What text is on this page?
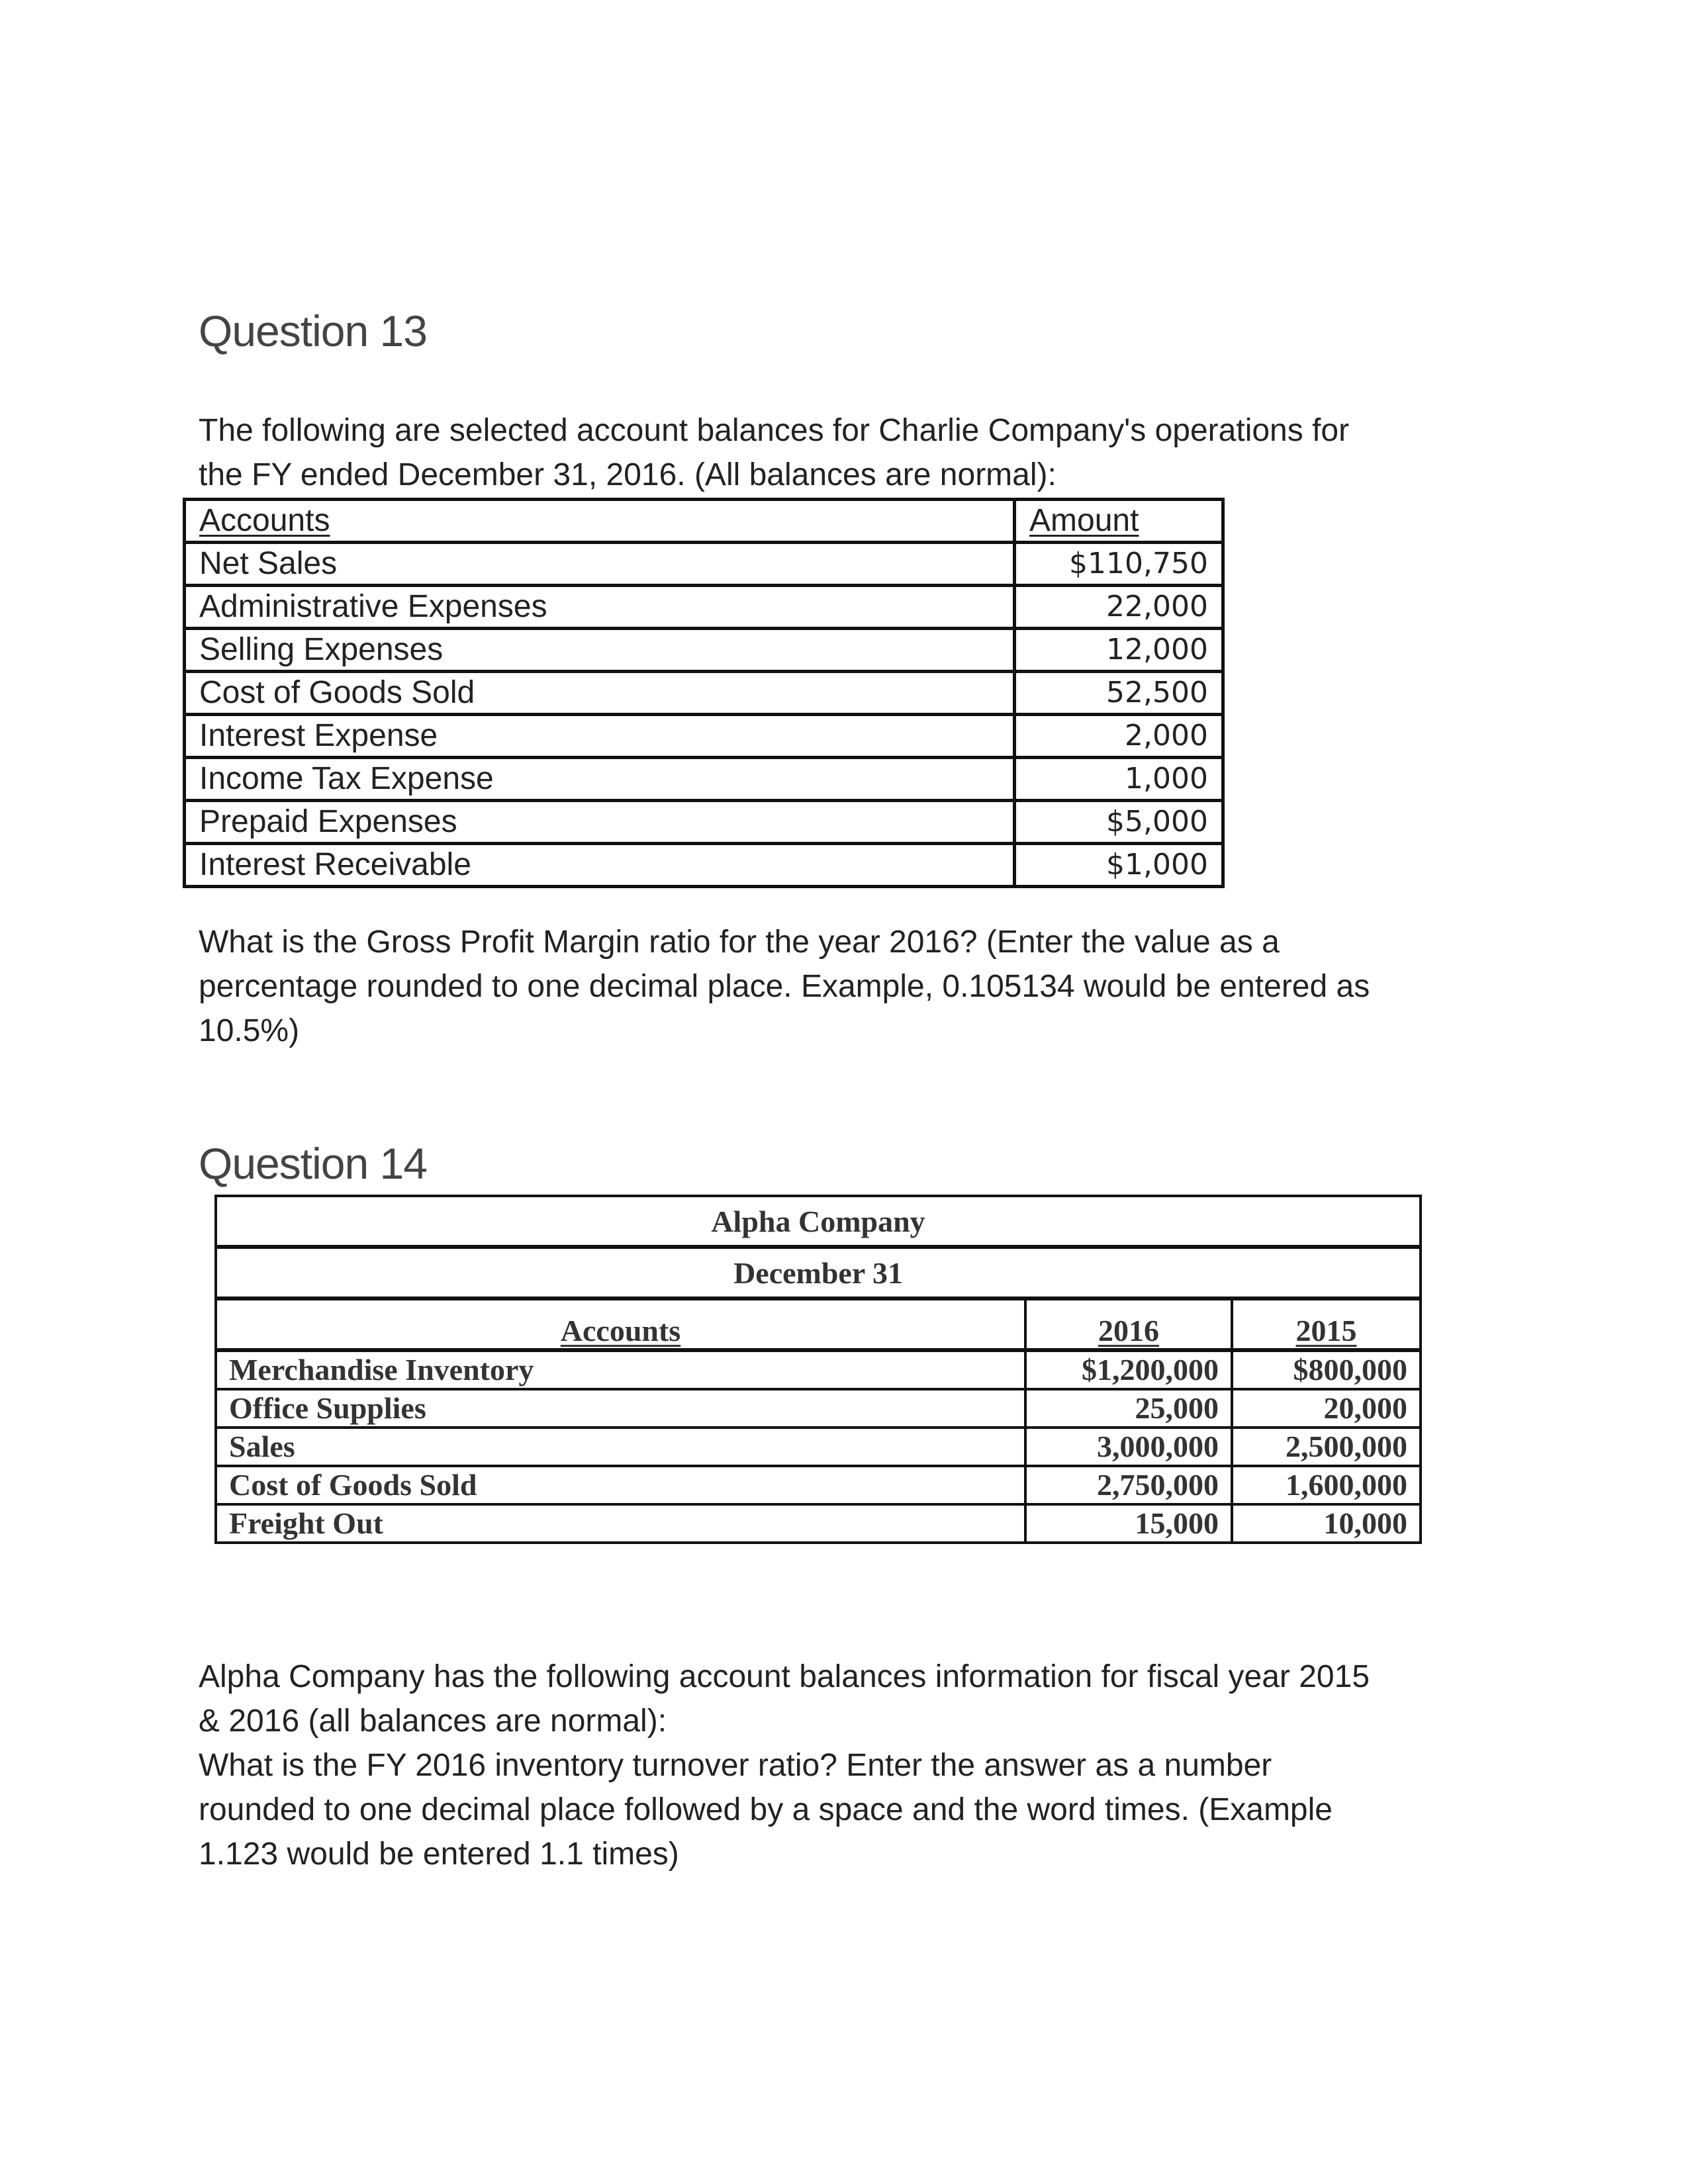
Question 13

The following are selected account balances for Charlie Company's operations for

the FY ended December 31, 2016. (All balances are normal):

Accounts	Amount
Net Sales	$110,750
Administrative Expenses	22,000
Selling Expenses	12,000
Cost of Goods Sold	52,500
Interest Expense	2,000
Income Tax Expense	1,000
Prepaid Expenses	$5,000
Interest Receivable	$1,000

What is the Gross Profit Margin ratio for the year 2016? (Enter the value as a

percentage rounded to one decimal place. Example, 0.105134 would be entered as

10.5%)

Question 14
Alpha Company		
December 31		
Accounts	2016	2015
Merchandise Inventory	$1,200,000	$800,000
Office Supplies	25,000	20,000
Sales	3,000,000	2,500,000
Cost of Goods Sold	2,750,000	1,600,000
Freight Out	15,000	10,000

Alpha Company has the following account balances information for fiscal year 2015

& 2016 (all balances are normal):

What is the FY 2016 inventory turnover ratio? Enter the answer as a number

rounded to one decimal place followed by a space and the word times. (Example

1.123 would be entered 1.1 times)
